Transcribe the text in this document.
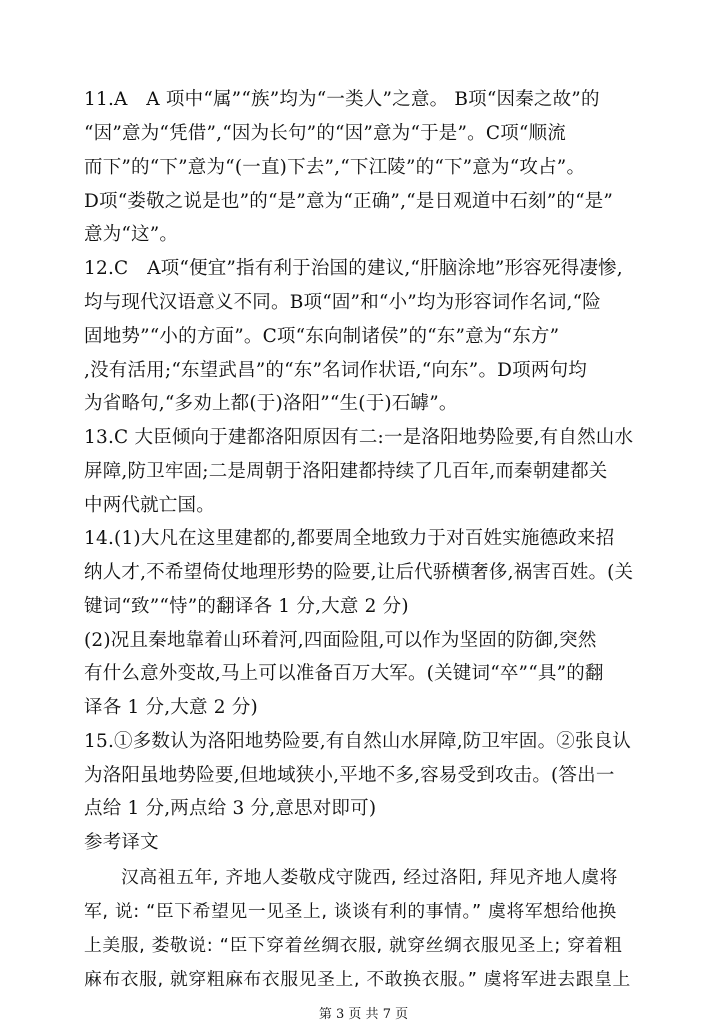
11.A　A 项中“属”“族”均为“一类人”之意。 B项“因秦之故”的
“因”意为“凭借”,“因为长句”的“因”意为“于是”。C项“顺流
而下”的“下”意为“(一直)下去”,“下江陵”的“下”意为“攻占”。
D项“娄敬之说是也”的“是”意为“正确”,“是日观道中石刻”的“是”
意为“这”。
12.C　A项“便宜”指有利于治国的建议,“肝脑涂地”形容死得凄惨,
均与现代汉语意义不同。B项“固”和“小”均为形容词作名词,“险
固地势”“小的方面”。C项“东向制诸侯”的“东”意为“东方”
,没有活用;“东望武昌”的“东”名词作状语,“向东”。D项两句均
为省略句,“多劝上都(于)洛阳”“生(于)石罅”。
13.C 大臣倾向于建都洛阳原因有二:一是洛阳地势险要,有自然山水
屏障,防卫牢固;二是周朝于洛阳建都持续了几百年,而秦朝建都关
中两代就亡国。
14.(1)大凡在这里建都的,都要周全地致力于对百姓实施德政来招
纳人才,不希望倚仗地理形势的险要,让后代骄横奢侈,祸害百姓。(关
键词“致”“恃”的翻译各 1 分,大意 2 分)
(2)况且秦地靠着山环着河,四面险阻,可以作为坚固的防御,突然
有什么意外变故,马上可以准备百万大军。(关键词“卒”“具”的翻
译各 1 分,大意 2 分)
15.①多数认为洛阳地势险要,有自然山水屏障,防卫牢固。②张良认
为洛阳虽地势险要,但地域狭小,平地不多,容易受到攻击。(答出一
点给 1 分,两点给 3 分,意思对即可)
参考译文
汉高祖五年, 齐地人娄敬戍守陇西, 经过洛阳, 拜见齐地人虞将
军, 说: “臣下希望见一见圣上, 谈谈有利的事情。” 虞将军想给他换
上美服, 娄敬说: “臣下穿着丝绸衣服, 就穿丝绸衣服见圣上; 穿着粗
麻布衣服, 就穿粗麻布衣服见圣上, 不敢换衣服。” 虞将军进去跟皇上
第 3 页 共 7 页
